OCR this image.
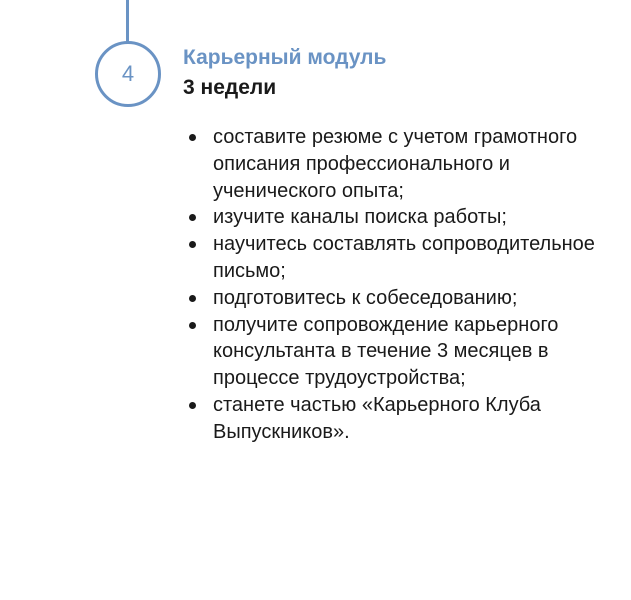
4
Карьерный модуль
3 недели
составите резюме с учетом грамотного описания профессионального и ученического опыта;
изучите каналы поиска работы;
научитесь составлять сопроводительное письмо;
подготовитесь к собеседованию;
получите сопровождение карьерного консультанта в течение 3 месяцев в процессе трудоустройства;
станете частью «Карьерного Клуба Выпускников».
